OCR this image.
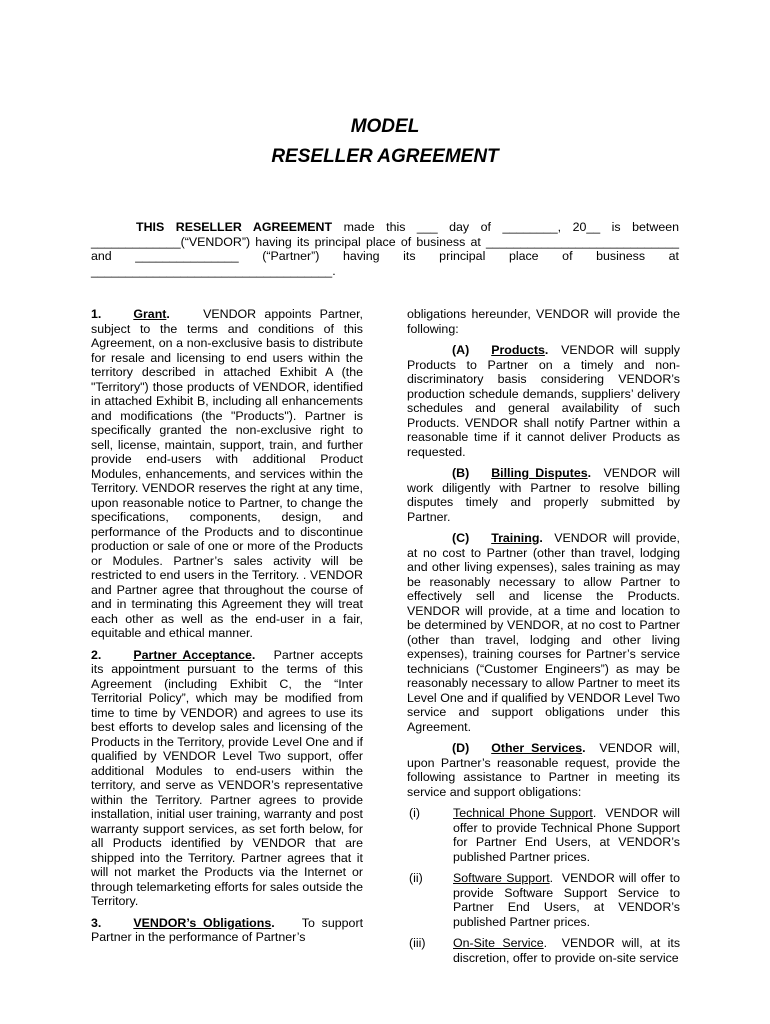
MODEL
RESELLER AGREEMENT

THIS RESELLER AGREEMENT made this ___ day of ________, 20__ is between

_____________(“VENDOR”) having its principal place of business at ____________________________

and _______________ (“Partner”) having its principal place of business at

___________________________________.

1.	Grant.	VENDOR appoints Partner, subject to the terms and conditions of this Agreement, on a non-exclusive basis to distribute for resale and licensing to end users within the territory described in attached Exhibit A (the "Territory") those products of VENDOR, identified in attached Exhibit B, including all enhancements and modifications (the "Products"). Partner is specifically granted the non-exclusive right to sell, license, maintain, support, train, and further provide end-users with additional Product Modules, enhancements, and services within the Territory. VENDOR reserves the right at any time, upon reasonable notice to Partner, to change the specifications, components, design, and performance of the Products and to discontinue production or sale of one or more of the Products or Modules. Partner’s sales activity will be restricted to end users in the Territory. . VENDOR and Partner agree that throughout the course of and in terminating this Agreement they will treat each other as well as the end-user in a fair, equitable and ethical manner.

2.	Partner Acceptance. Partner accepts its appointment pursuant to the terms of this Agreement (including Exhibit C, the “Inter Territorial Policy”, which may be modified from time to time by VENDOR) and agrees to use its best efforts to develop sales and licensing of the Products in the Territory, provide Level One and if qualified by VENDOR Level Two support, offer additional Modules to end-users within the territory, and serve as VENDOR’s representative within the Territory. Partner agrees to provide installation, initial user training, warranty and post warranty support services, as set forth below, for all Products identified by VENDOR that are shipped into the Territory. Partner agrees that it will not market the Products via the Internet or through telemarketing efforts for sales outside the Territory.

3.	VENDOR’s Obligations. To support Partner in the performance of Partner’s

obligations hereunder, VENDOR will provide the following:

(A) Products. VENDOR will supply Products to Partner on a timely and non-discriminatory basis considering VENDOR’s production schedule demands, suppliers’ delivery schedules and general availability of such Products. VENDOR shall notify Partner within a reasonable time if it cannot deliver Products as requested.

(B) Billing Disputes. VENDOR will work diligently with Partner to resolve billing disputes timely and properly submitted by Partner.

(C) Training. VENDOR will provide, at no cost to Partner (other than travel, lodging and other living expenses), sales training as may be reasonably necessary to allow Partner to effectively sell and license the Products. VENDOR will provide, at a time and location to be determined by VENDOR, at no cost to Partner (other than travel, lodging and other living expenses), training courses for Partner’s service technicians (“Customer Engineers”) as may be reasonably necessary to allow Partner to meet its Level One and if qualified by VENDOR Level Two service and support obligations under this Agreement.

(D) Other Services. VENDOR will, upon Partner’s reasonable request, provide the following assistance to Partner in meeting its service and support obligations:

(i)	Technical Phone Support.  VENDOR will offer to provide Technical Phone Support for Partner End Users, at VENDOR’s published Partner prices.
(ii)	Software Support.  VENDOR will offer to provide Software Support Service to Partner End Users, at VENDOR’s published Partner prices.
(iii)	On-Site Service.  VENDOR will, at its discretion, offer to provide on-site service
